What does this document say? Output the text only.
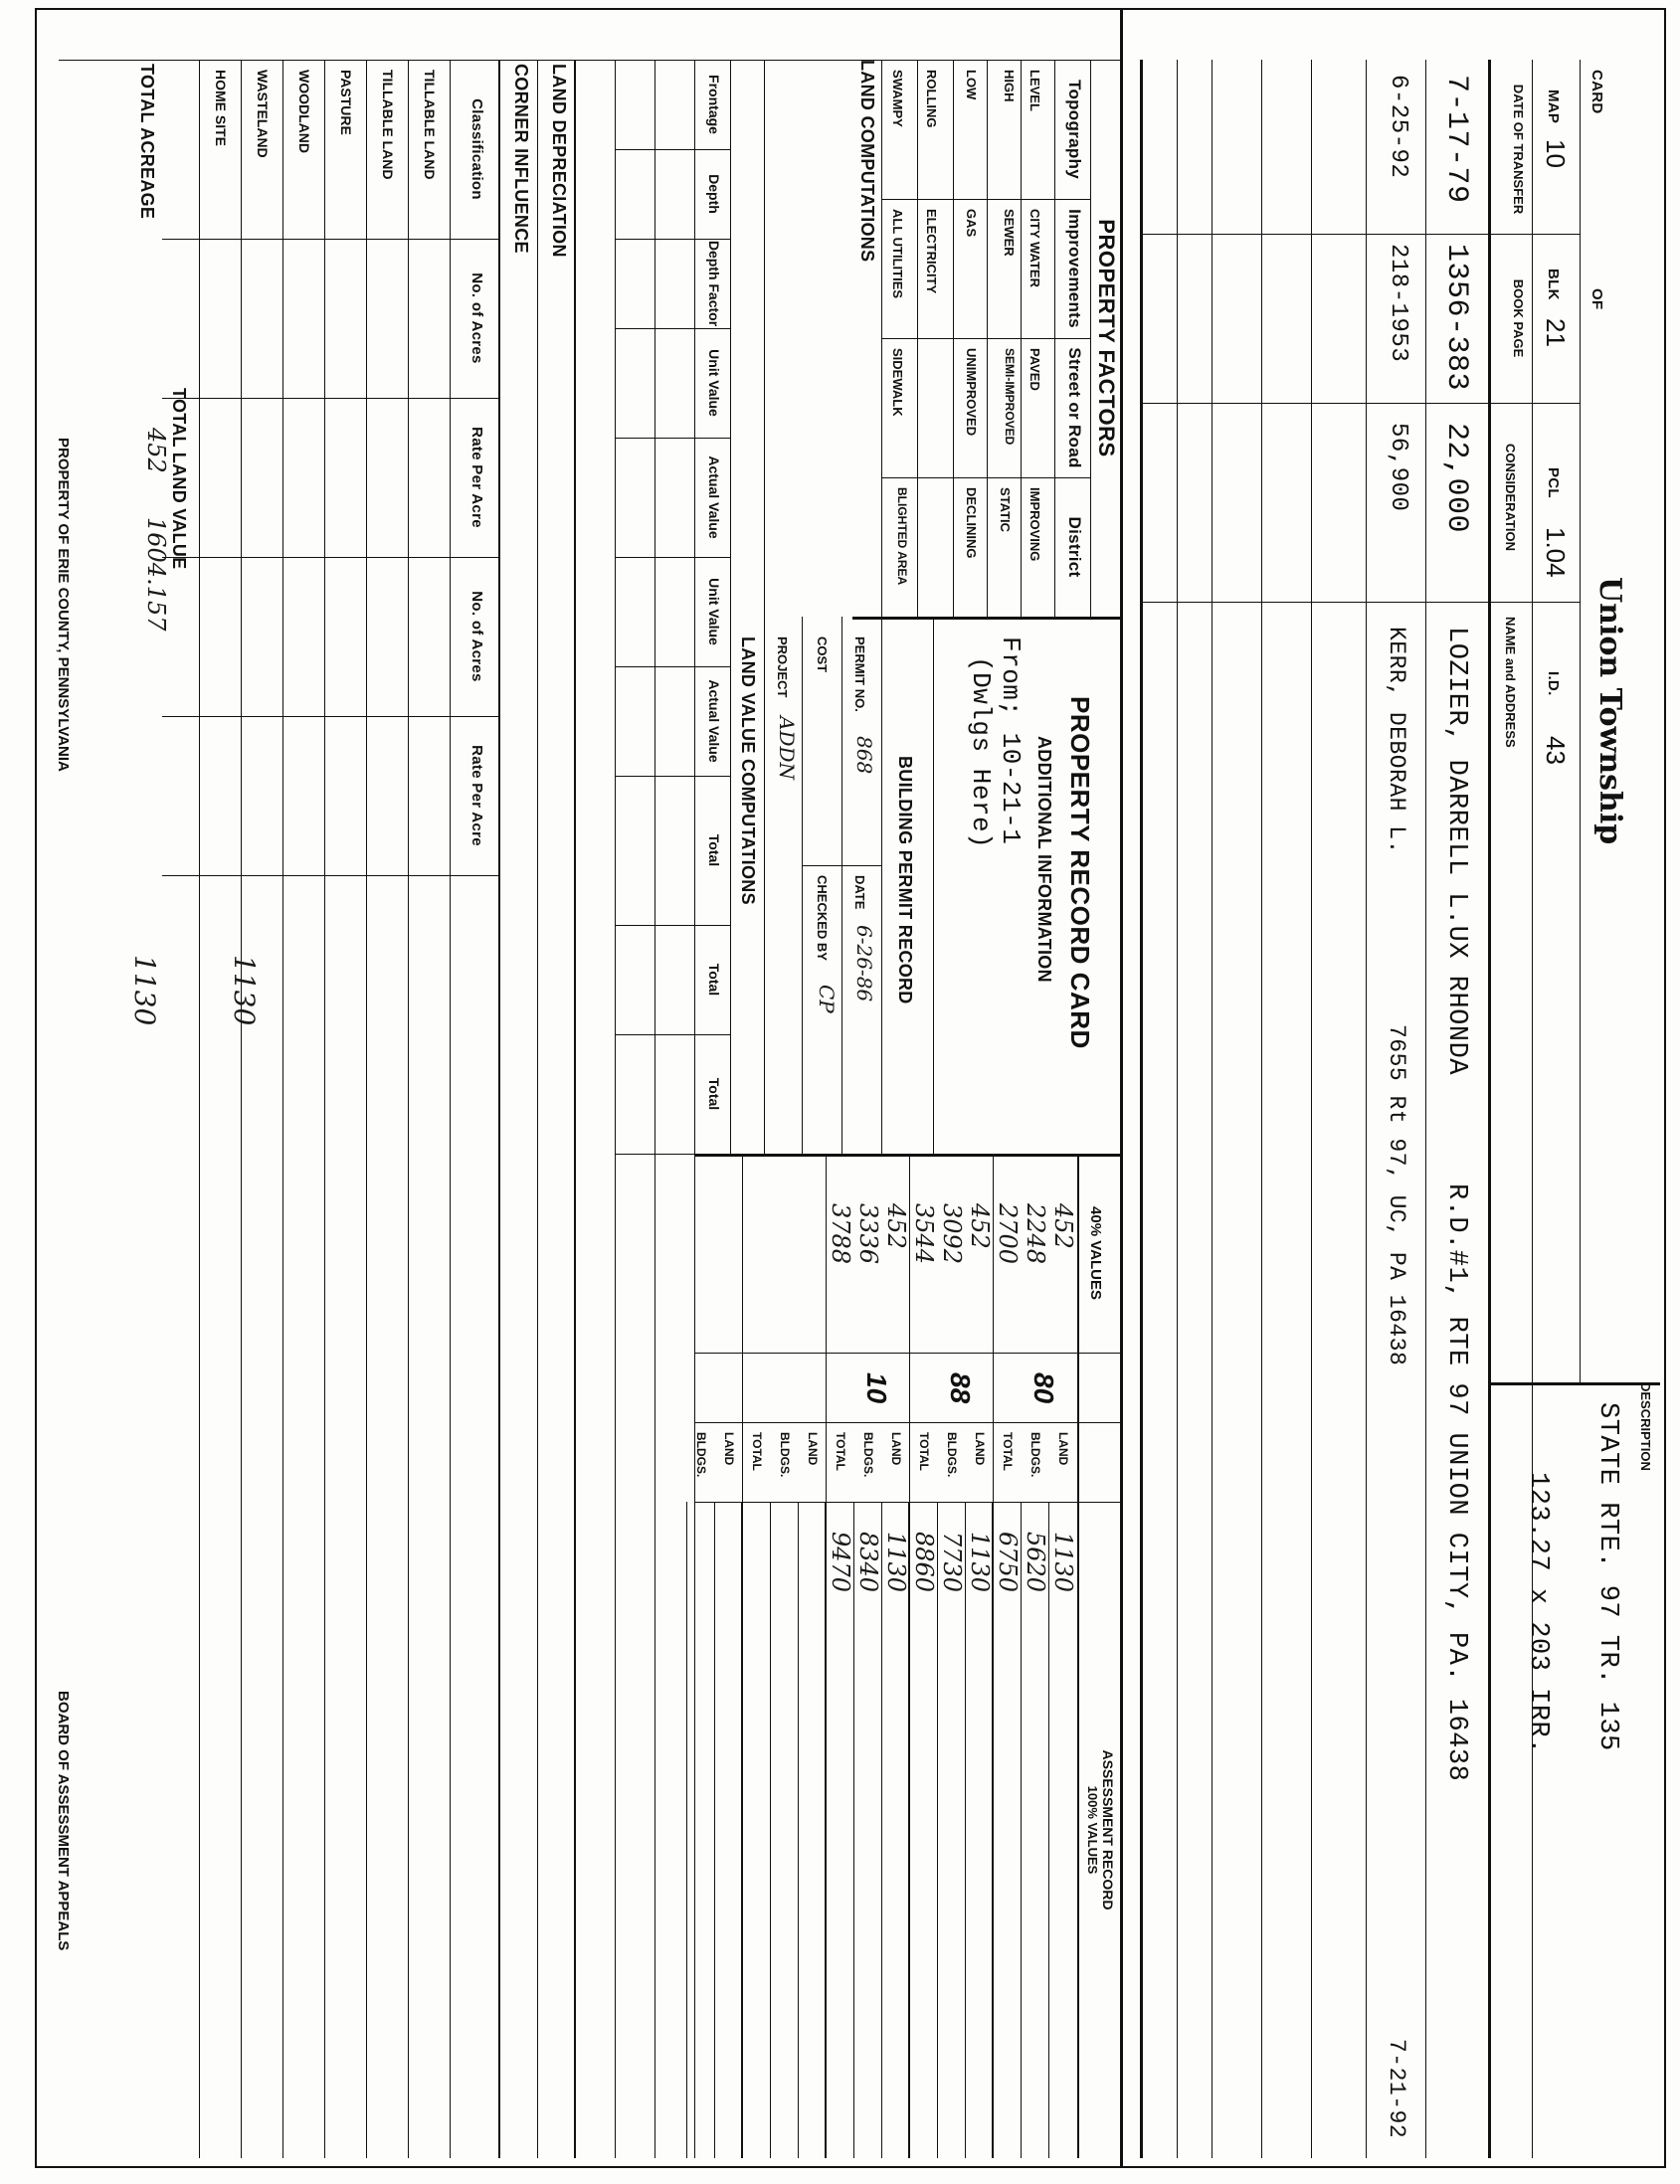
CARD
OF
Union Township
DESCRIPTION
STATE RTE. 97 TR. 135
123.27 x 203 IRR.
MAP
10
BLK
21
PCL
1.04
I.D.
43
DATE OF TRANSFER
BOOK PAGE
CONSIDERATION
NAME and ADDRESS
7-17-79
1356-383
22,000
LOZIER, DARRELL L.UX RHONDA
R.D.#1, RTE 97 UNION CITY, PA. 16438
6-25-92
218-1953
56,900
KERR, DEBORAH L.
7655 Rt 97, UC, PA 16438
7-21-92
PROPERTY FACTORS
Topography
Improvements
Street or Road
District
LEVEL
HIGH
LOW
ROLLING
SWAMPY
CITY WATER
SEWER
GAS
ELECTRICITY
ALL UTILITIES
PAVED
SEMI-IMPROVED
UNIMPROVED
SIDEWALK
IMPROVING
STATIC
DECLINING
BLIGHTED AREA
LAND COMPUTATIONS
PROPERTY RECORD CARD
ADDITIONAL INFORMATION
From; 10-21-1
(Dwlgs Here)
BUILDING PERMIT RECORD
PERMIT NO.
868
DATE
6-26-86
COST
CHECKED BY
CP
PROJECT
ADDN
40% VALUES
ASSESSMENT RECORD
100% VALUES
LAND
BLDGS.
TOTAL
LAND
BLDGS.
TOTAL
LAND
BLDGS.
TOTAL
LAND
BLDGS.
TOTAL
LAND
BLDGS.
452
2248
2700
452
3092
3544
452
3336
3788
1130
5620
6750
1130
7730
8860
1130
8340
9470
80
88
10
LAND VALUE COMPUTATIONS
Frontage
Depth
Depth Factor
Unit Value
Actual Value
Unit Value
Actual Value
Total
Total
Total
LAND DEPRECIATION
CORNER INFLUENCE
Classification
No. of Acres
Rate Per Acre
No. of Acres
Rate Per Acre
TILLABLE LAND
TILLABLE LAND
PASTURE
WOODLAND
WASTELAND
HOME SITE
TOTAL ACREAGE
TOTAL LAND VALUE
452
1604.157
1130
1130
PROPERTY OF ERIE COUNTY, PENNSYLVANIA
BOARD OF ASSESSMENT APPEALS
